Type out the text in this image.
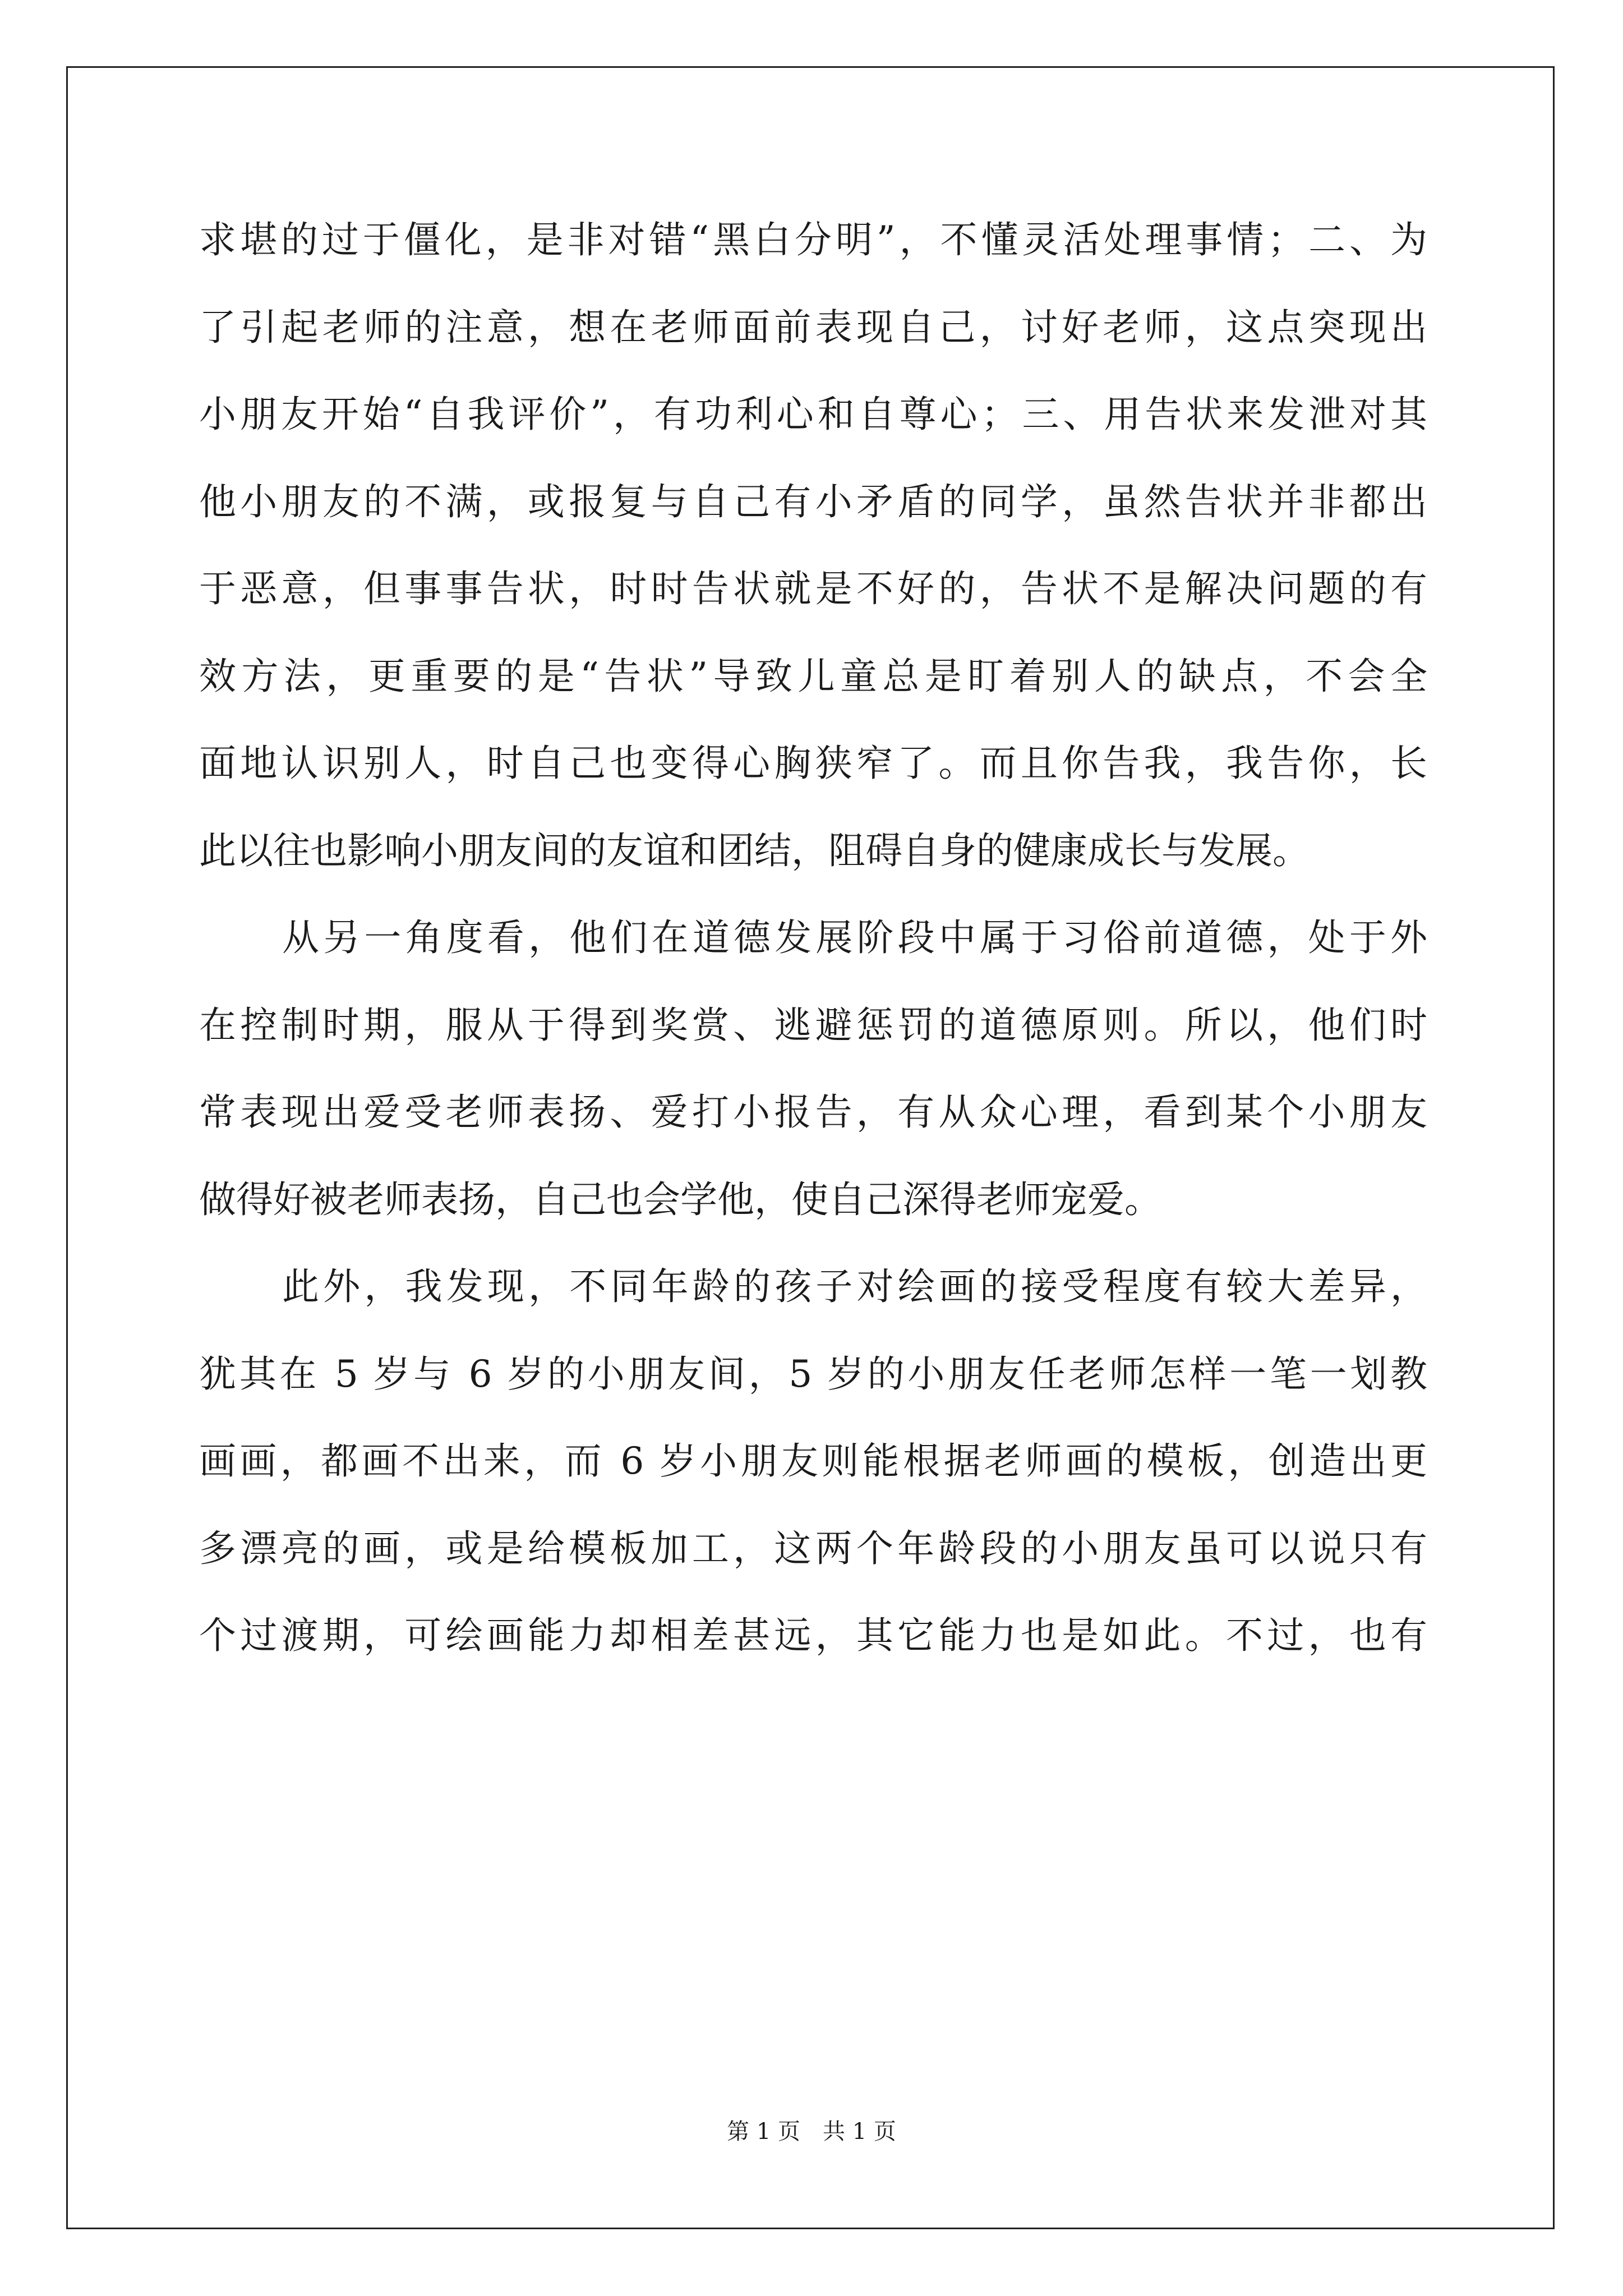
求堪的过于僵化，是非对错“黑白分明”，不懂灵活处理事情；二、为
了引起老师的注意，想在老师面前表现自己，讨好老师，这点突现出
小朋友开始“自我评价”，有功利心和自尊心；三、用告状来发泄对其
他小朋友的不满，或报复与自己有小矛盾的同学，虽然告状并非都出
于恶意，但事事告状，时时告状就是不好的，告状不是解决问题的有
效方法，更重要的是“告状”导致儿童总是盯着别人的缺点，不会全
面地认识别人，时自己也变得心胸狭窄了。而且你告我，我告你，长
此以往也影响小朋友间的友谊和团结，阻碍自身的健康成长与发展。
从另一角度看，他们在道德发展阶段中属于习俗前道德，处于外
在控制时期，服从于得到奖赏、逃避惩罚的道德原则。所以，他们时
常表现出爱受老师表扬、爱打小报告，有从众心理，看到某个小朋友
做得好被老师表扬，自己也会学他，使自己深得老师宠爱。
此外，我发现，不同年龄的孩子对绘画的接受程度有较大差异，
犹其在 5 岁与 6 岁的小朋友间，5 岁的小朋友任老师怎样一笔一划教
画画，都画不出来，而 6 岁小朋友则能根据老师画的模板，创造出更
多漂亮的画，或是给模板加工，这两个年龄段的小朋友虽可以说只有
个过渡期，可绘画能力却相差甚远，其它能力也是如此。不过，也有
第 1 页　共 1 页
